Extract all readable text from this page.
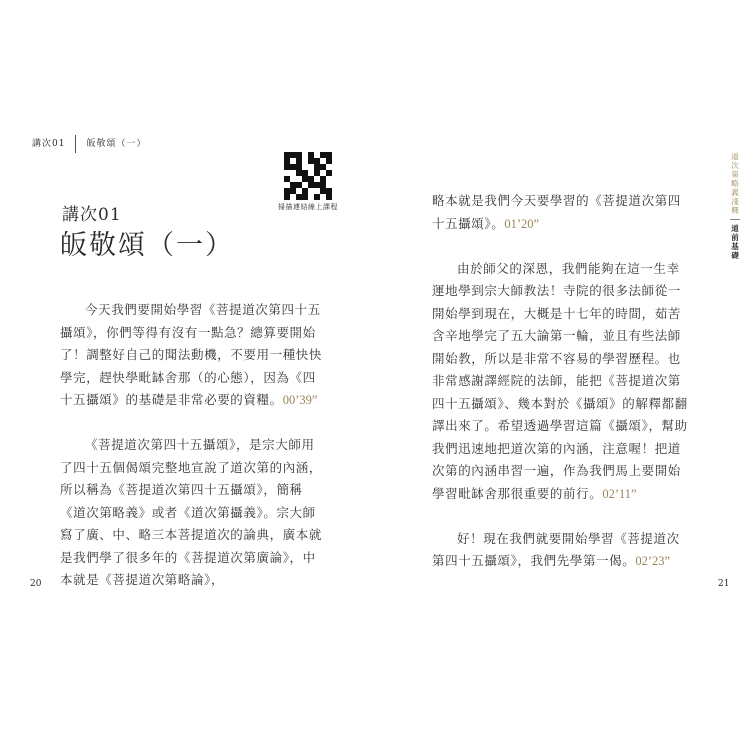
講次01	皈敬頌（一）
掃描連結線上課程
講次01
皈敬頌（一）

今天我們要開始學習《菩提道次第四十五攝頌》，你們等得有沒有一點急？總算要開始了！調整好自己的聞法動機，不要用一種快快學完，趕快學毗缽舍那（的心態），因為《四十五攝頌》的基礎是非常必要的資糧。00’39”

《菩提道次第四十五攝頌》，是宗大師用了四十五個偈頌完整地宣說了道次第的內涵，所以稱為《菩提道次第四十五攝頌》，簡稱《道次第略義》或者《道次第攝義》。宗大師寫了廣、中、略三本菩提道次的論典，廣本就是我們學了很多年的《菩提道次第廣論》，中本就是《菩提道次第略論》，

20

略本就是我們今天要學習的《菩提道次第四十五攝頌》。01’20”

由於師父的深恩，我們能夠在這一生幸運地學到宗大師教法！寺院的很多法師從一開始學到現在，大概是十七年的時間，茹苦含辛地學完了五大論第一輪，並且有些法師開始教，所以是非常不容易的學習歷程。也非常感謝譯經院的法師，能把《菩提道次第四十五攝頌》、幾本對於《攝頌》的解釋都翻譯出來了。希望透過學習這篇《攝頌》，幫助我們迅速地把道次第的內涵，注意喔！把道次第的內涵串習一遍，作為我們馬上要開始學習毗缽舍那很重要的前行。02’11”

好！現在我們就要開始學習《菩提道次第四十五攝頌》，我們先學第一偈。02’23”

道
次
第
略
義
淺
釋
道
前
基
礎
21
